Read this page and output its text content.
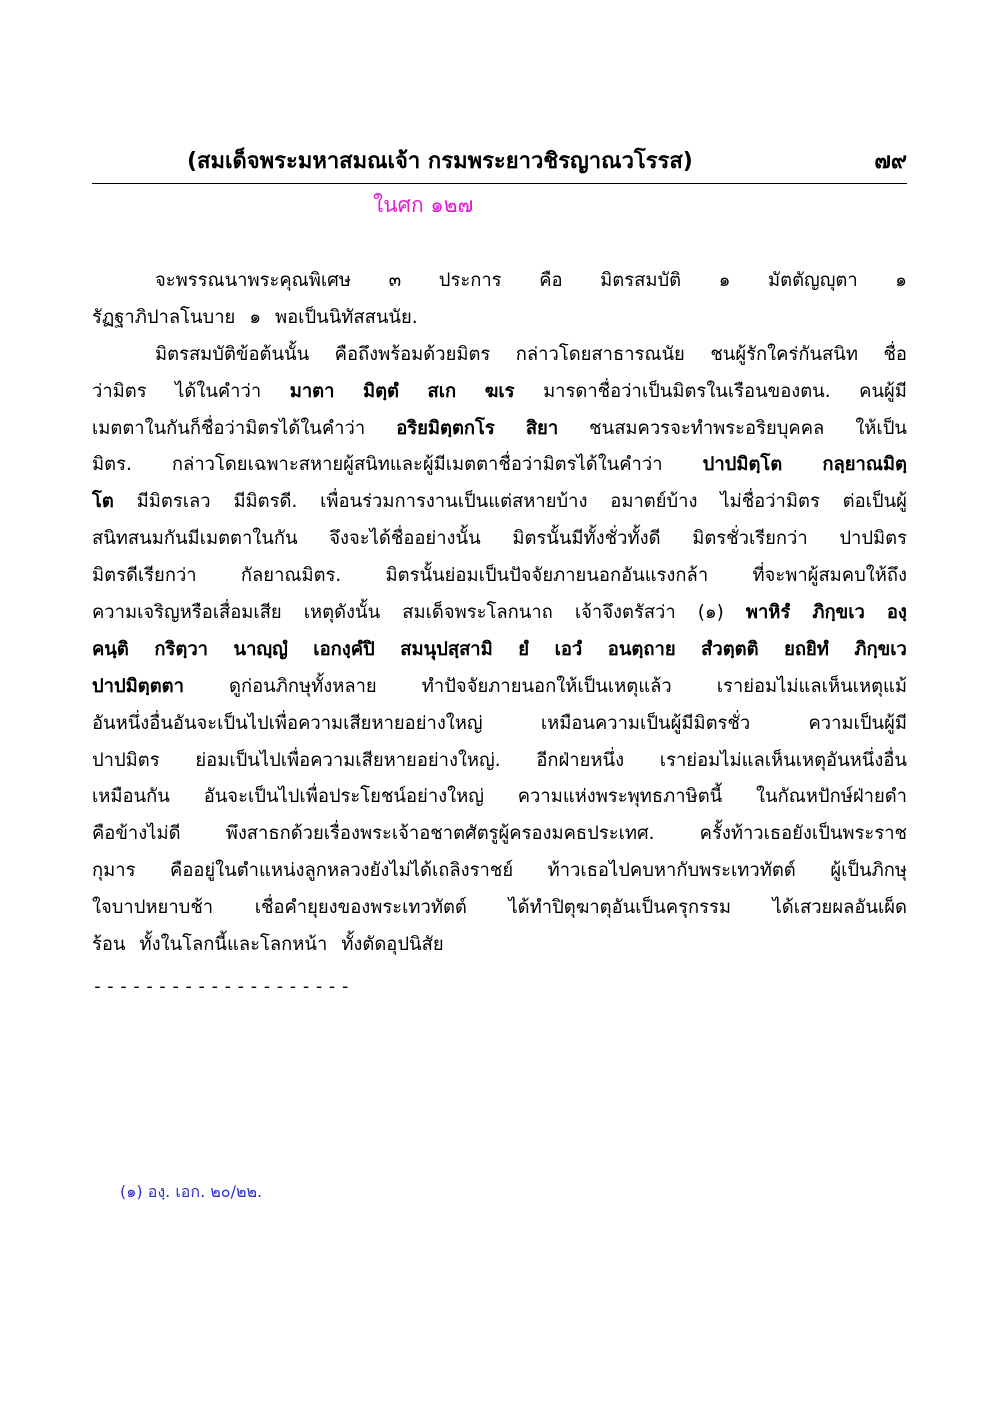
(สมเด็จพระมหาสมณเจ้า กรมพระยาวชิรญาณวโรรส)	๗๙
ในศก ๑๒๗
จะพรรณนาพระคุณพิเศษ ๓ ประการ คือ มิตรสมบัติ ๑ มัตตัญญุตา ๑
รัฏฐาภิปาลโนบาย ๑ พอเป็นนิทัสสนนัย.
มิตรสมบัติข้อต้นนั้น คือถึงพร้อมด้วยมิตร กล่าวโดยสาธารณนัย ชนผู้รักใคร่กันสนิท ชื่อ
ว่ามิตร ได้ในคำว่า มาตา มิตฺตํ สเก ฆเร มารดาชื่อว่าเป็นมิตรในเรือนของตน. คนผู้มี
เมตตาในกันก็ชื่อว่ามิตรได้ในคำว่า อริยมิตฺตกโร สิยา ชนสมควรจะทำพระอริยบุคคล ให้เป็น
มิตร. กล่าวโดยเฉพาะสหายผู้สนิทและผู้มีเมตตาชื่อว่ามิตรได้ในคำว่า ปาปมิตฺโต กลฺยาณมิตฺ
โต มีมิตรเลว มีมิตรดี. เพื่อนร่วมการงานเป็นแต่สหายบ้าง อมาตย์บ้าง ไม่ชื่อว่ามิตร ต่อเป็นผู้
สนิทสนมกันมีเมตตาในกัน จึงจะได้ชื่ออย่างนั้น มิตรนั้นมีทั้งชั่วทั้งดี มิตรชั่วเรียกว่า ปาปมิตร
มิตรดีเรียกว่า กัลยาณมิตร. มิตรนั้นย่อมเป็นปัจจัยภายนอกอันแรงกล้า ที่จะพาผู้สมคบให้ถึง
ความเจริญหรือเสื่อมเสีย เหตุดังนั้น สมเด็จพระโลกนาถ เจ้าจึงตรัสว่า (๑) พาหิรํ ภิกฺขเว องฺ
คนฺติ กริตฺวา นาญฺญํ เอกงฺคํปิ สมนุปสฺสามิ ยํ เอวํ อนตฺถาย สํวตฺตติ ยถยิทํ ภิกฺขเว
ปาปมิตฺตตา ดูก่อนภิกษุทั้งหลาย ทำปัจจัยภายนอกให้เป็นเหตุแล้ว เราย่อมไม่แลเห็นเหตุแม้
อันหนึ่งอื่นอันจะเป็นไปเพื่อความเสียหายอย่างใหญ่	เหมือนความเป็นผู้มีมิตรชั่ว	ความเป็นผู้มี
ปาปมิตร ย่อมเป็นไปเพื่อความเสียหายอย่างใหญ่. อีกฝ่ายหนึ่ง เราย่อมไม่แลเห็นเหตุอันหนึ่งอื่น
เหมือนกัน อันจะเป็นไปเพื่อประโยชน์อย่างใหญ่ ความแห่งพระพุทธภาษิตนี้ ในกัณหปักษ์ฝ่ายดำ
คือข้างไม่ดี พึงสาธกด้วยเรื่องพระเจ้าอชาตศัตรูผู้ครองมคธประเทศ. ครั้งท้าวเธอยังเป็นพระราช
กุมาร คืออยู่ในตำแหน่งลูกหลวงยังไม่ได้เถลิงราชย์ ท้าวเธอไปคบหากับพระเทวทัตต์ ผู้เป็นภิกษุ
ใจบาปหยาบช้า เชื่อคำยุยงของพระเทวทัตต์ ได้ทำปิตุฆาตุอันเป็นครุกรรม ได้เสวยผลอันเผ็ด
ร้อน ทั้งในโลกนี้และโลกหน้า ทั้งตัดอุปนิสัย
--------------------
(๑) องฺ. เอก. ๒๐/๒๒.
